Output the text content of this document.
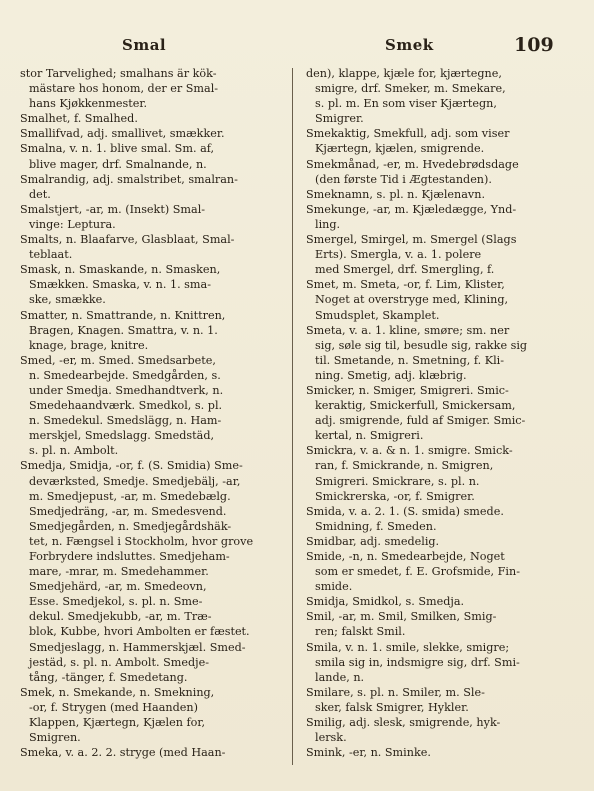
Smal	Smek	109
stor Tarvelighed; smalhans är kök-
mästare hos honom, der er Smal-
hans Kjøkkenmester.
Smalhet, f. Smalhed.
Smallifvad, adj. smallivet, smækker.
Smalna, v. n. 1. blive smal. Sm. af,
blive mager, drf. Smalnande, n.
Smalrandig, adj. smalstribet, smalran-
det.
Smalstjert, -ar, m. (Insekt) Smal-
vinge: Leptura.
Smalts, n. Blaafarve, Glasblaat, Smal-
teblaat.
Smask, n. Smaskande, n. Smasken,
Smækken. Smaska, v. n. 1. sma-
ske, smække.
Smatter, n. Smattrande, n. Knittren,
Bragen, Knagen. Smattra, v. n. 1.
knage, brage, knitre.
Smed, -er, m. Smed. Smedsarbete,
n. Smedearbejde. Smedgården, s.
under Smedja. Smedhandtverk, n.
Smedehaandværk. Smedkol, s. pl.
n. Smedekul. Smedslägg, n. Ham-
merskjel, Smedslagg. Smedstäd,
s. pl. n. Ambolt.
Smedja, Smidja, -or, f. (S. Smidia) Sme-
deværksted, Smedje. Smedjebälj, -ar,
m. Smedjepust, -ar, m. Smedebælg.
Smedjedräng, -ar, m. Smedesvend.
Smedjegården, n. Smedjegårdshäk-
tet, n. Fængsel i Stockholm, hvor grove
Forbrydere indsluttes. Smedjeham-
mare, -mrar, m. Smedehammer.
Smedjehärd, -ar, m. Smedeovn,
Esse. Smedjekol, s. pl. n. Sme-
dekul. Smedjekubb, -ar, m. Træ-
blok, Kubbe, hvori Ambolten er fæstet.
Smedjeslagg, n. Hammerskjæl. Smed-
jestäd, s. pl. n. Ambolt. Smedje-
tång, -tänger, f. Smedetang.
Smek, n. Smekande, n. Smekning,
-or, f. Strygen (med Haanden)
Klappen, Kjærtegn, Kjælen for,
Smigren.
Smeka, v. a. 2. 2. stryge (med Haan-
den), klappe, kjæle for, kjærtegne,
smigre, drf. Smeker, m. Smekare,
s. pl. m. En som viser Kjærtegn,
Smigrer.
Smekaktig, Smekfull, adj. som viser
Kjærtegn, kjælen, smigrende.
Smekmånad, -er, m. Hvedebrødsdage
(den første Tid i Ægtestanden).
Smeknamn, s. pl. n. Kjælenavn.
Smekunge, -ar, m. Kjæledægge, Ynd-
ling.
Smergel, Smirgel, m. Smergel (Slags
Erts). Smergla, v. a. 1. polere
med Smergel, drf. Smergling, f.
Smet, m. Smeta, -or, f. Lim, Klister,
Noget at overstryge med, Klining,
Smudsplet, Skamplet.
Smeta, v. a. 1. kline, smøre; sm. ner
sig, søle sig til, besudle sig, rakke sig
til. Smetande, n. Smetning, f. Kli-
ning. Smetig, adj. klæbrig.
Smicker, n. Smiger, Smigreri. Smic-
keraktig, Smickerfull, Smickersam,
adj. smigrende, fuld af Smiger. Smic-
kertal, n. Smigreri.
Smickra, v. a. & n. 1. smigre. Smick-
ran, f. Smickrande, n. Smigren,
Smigreri. Smickrare, s. pl. n.
Smickrerska, -or, f. Smigrer.
Smida, v. a. 2. 1. (S. smida) smede.
Smidning, f. Smeden.
Smidbar, adj. smedelig.
Smide, -n, n. Smedearbejde, Noget
som er smedet, f. E. Grofsmide, Fin-
smide.
Smidja, Smidkol, s. Smedja.
Smil, -ar, m. Smil, Smilken, Smig-
ren; falskt Smil.
Smila, v. n. 1. smile, slekke, smigre;
smila sig in, indsmigre sig, drf. Smi-
lande, n.
Smilare, s. pl. n. Smiler, m. Sle-
sker, falsk Smigrer, Hykler.
Smilig, adj. slesk, smigrende, hyk-
lersk.
Smink, -er, n. Sminke.
